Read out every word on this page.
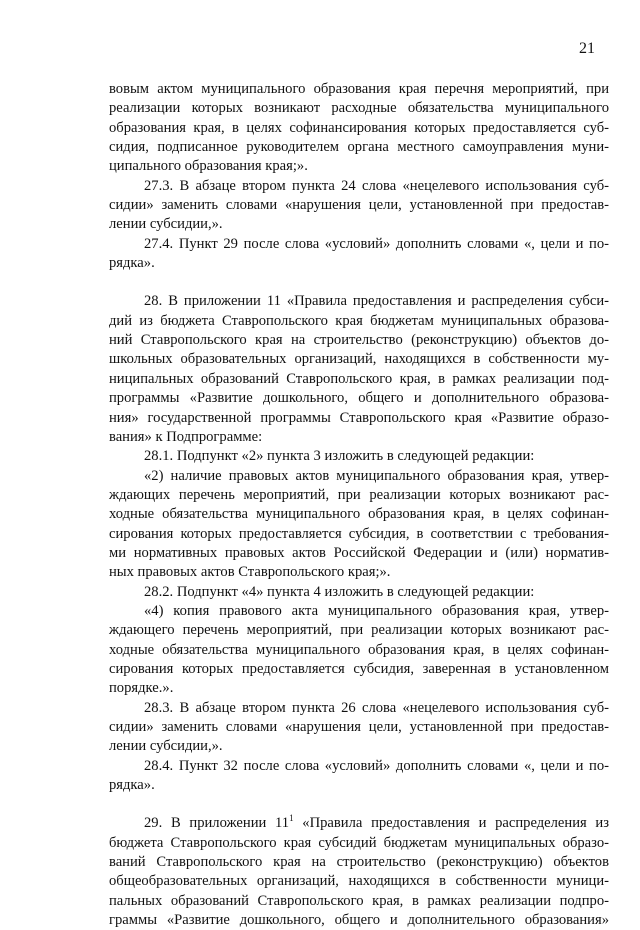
21

вовым актом муниципального образования края перечня мероприятий, при
реализации которых возникают расходные обязательства муниципального
образования края, в целях софинансирования которых предоставляется суб-
сидия, подписанное руководителем органа местного самоуправления муни-
ципального образования края;».

27.3. В абзаце втором пункта 24 слова «нецелевого использования суб-
сидии» заменить словами «нарушения цели, установленной при предостав-
лении субсидии,».

27.4. Пункт 29 после слова «условий» дополнить словами «, цели и по-
рядка».

28. В приложении 11 «Правила предоставления и распределения субси-
дий из бюджета Ставропольского края бюджетам муниципальных образова-
ний Ставропольского края на строительство (реконструкцию) объектов до-
школьных образовательных организаций, находящихся в собственности му-
ниципальных образований Ставропольского края, в рамках реализации под-
программы «Развитие дошкольного, общего и дополнительного образова-
ния» государственной программы Ставропольского края «Развитие образо-
вания» к Подпрограмме:

28.1. Подпункт «2» пункта 3 изложить в следующей редакции:

«2) наличие правовых актов муниципального образования края, утвер-
ждающих перечень мероприятий, при реализации которых возникают рас-
ходные обязательства муниципального образования края, в целях софинан-
сирования которых предоставляется субсидия, в соответствии с требования-
ми нормативных правовых актов Российской Федерации и (или) норматив-
ных правовых актов Ставропольского края;».

28.2. Подпункт «4» пункта 4 изложить в следующей редакции:

«4) копия правового акта муниципального образования края, утвер-
ждающего перечень мероприятий, при реализации которых возникают рас-
ходные обязательства муниципального образования края, в целях софинан-
сирования которых предоставляется субсидия, заверенная в установленном
порядке.».

28.3. В абзаце втором пункта 26 слова «нецелевого использования суб-
сидии» заменить словами «нарушения цели, установленной при предостав-
лении субсидии,».

28.4. Пункт 32 после слова «условий» дополнить словами «, цели и по-
рядка».

29. В приложении $11^1$ «Правила предоставления и распределения из
бюджета Ставропольского края субсидий бюджетам муниципальных образо-
ваний Ставропольского края на строительство (реконструкцию) объектов
общеобразовательных организаций, находящихся в собственности муници-
пальных образований Ставропольского края, в рамках реализации подпро-
граммы «Развитие дошкольного, общего и дополнительного образования»
